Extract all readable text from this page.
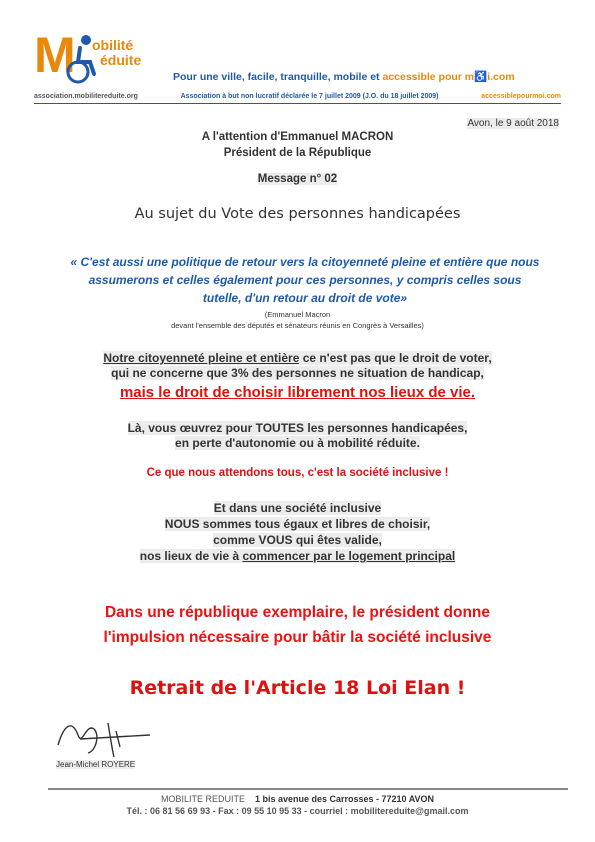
M obilité
éduite
Pour une ville, facile, tranquille, mobile et accessible pour m♿i.com
association.mobilitereduite.org	Association à but non lucratif déclarée le 7 juillet 2009 (J.O. du 18 juillet 2009)	accessiblepourmoi.com
Avon, le 9 août 2018
A l'attention d'Emmanuel MACRON
Président de la République
Message n° 02
Au sujet du Vote des personnes handicapées
« C'est aussi une politique de retour vers la citoyenneté pleine et entière que nous assumerons et celles également pour ces personnes, y compris celles sous tutelle, d'un retour au droit de vote»
(Emmanuel Macron
devant l'ensemble des députés et sénateurs réunis en Congrès à Versailles)
Notre citoyenneté pleine et entière ce n'est pas que le droit de voter,
qui ne concerne que 3% des personnes ne situation de handicap,
mais le droit de choisir librement nos lieux de vie.
Là, vous œuvrez pour TOUTES les personnes handicapées,
en perte d'autonomie ou à mobilité réduite.
Ce que nous attendons tous, c'est la société inclusive !
Et dans une société inclusive
NOUS sommes tous égaux et libres de choisir,
comme VOUS qui êtes valide,
nos lieux de vie à commencer par le logement principal
Dans une république exemplaire, le président donne
l'impulsion nécessaire pour bâtir la société inclusive
Retrait de l'Article 18 Loi Elan !
Jean-Michel ROYERE
MOBILITE REDUITE 1 bis avenue des Carrosses - 77210 AVON
Tél. : 06 81 56 69 93 - Fax : 09 55 10 95 33 - courriel : mobilitereduite@gmail.com
